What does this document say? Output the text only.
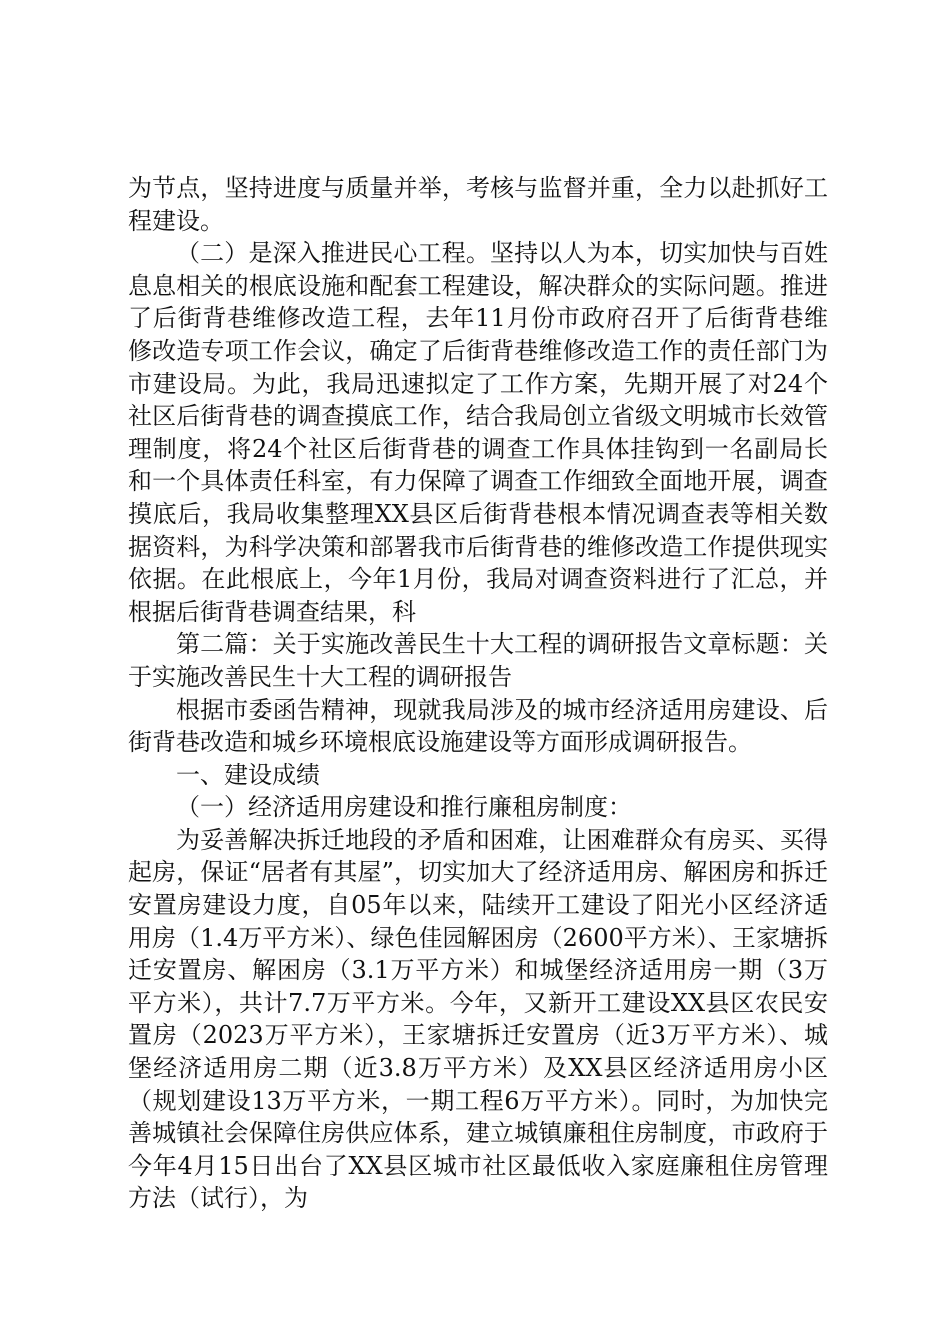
为节点，坚持进度与质量并举，考核与监督并重，全力以赴抓好工程建设。

（二）是深入推进民心工程。坚持以人为本，切实加快与百姓息息相关的根底设施和配套工程建设，解决群众的实际问题。推进了后街背巷维修改造工程，去年11月份市政府召开了后街背巷维修改造专项工作会议，确定了后街背巷维修改造工作的责任部门为市建设局。为此，我局迅速拟定了工作方案，先期开展了对24个社区后街背巷的调查摸底工作，结合我局创立省级文明城市长效管理制度，将24个社区后街背巷的调查工作具体挂钩到一名副局长和一个具体责任科室，有力保障了调查工作细致全面地开展，调查摸底后，我局收集整理XX县区后街背巷根本情况调查表等相关数据资料，为科学决策和部署我市后街背巷的维修改造工作提供现实依据。在此根底上，今年1月份，我局对调查资料进行了汇总，并根据后街背巷调查结果，科

第二篇：关于实施改善民生十大工程的调研报告文章标题：关于实施改善民生十大工程的调研报告

根据市委函告精神，现就我局涉及的城市经济适用房建设、后街背巷改造和城乡环境根底设施建设等方面形成调研报告。

一、建设成绩

（一）经济适用房建设和推行廉租房制度：

为妥善解决拆迁地段的矛盾和困难，让困难群众有房买、买得起房，保证“居者有其屋”，切实加大了经济适用房、解困房和拆迁安置房建设力度，自05年以来，陆续开工建设了阳光小区经济适用房（1.4万平方米）、绿色佳园解困房（2600平方米）、王家塘拆迁安置房、解困房（3.1万平方米）和城堡经济适用房一期（3万平方米），共计7.7万平方米。今年，又新开工建设XX县区农民安置房（2023万平方米），王家塘拆迁安置房（近3万平方米）、城堡经济适用房二期（近3.8万平方米）及XX县区经济适用房小区（规划建设13万平方米，一期工程6万平方米）。同时，为加快完善城镇社会保障住房供应体系，建立城镇廉租住房制度，市政府于今年4月15日出台了XX县区城市社区最低收入家庭廉租住房管理方法（试行），为
